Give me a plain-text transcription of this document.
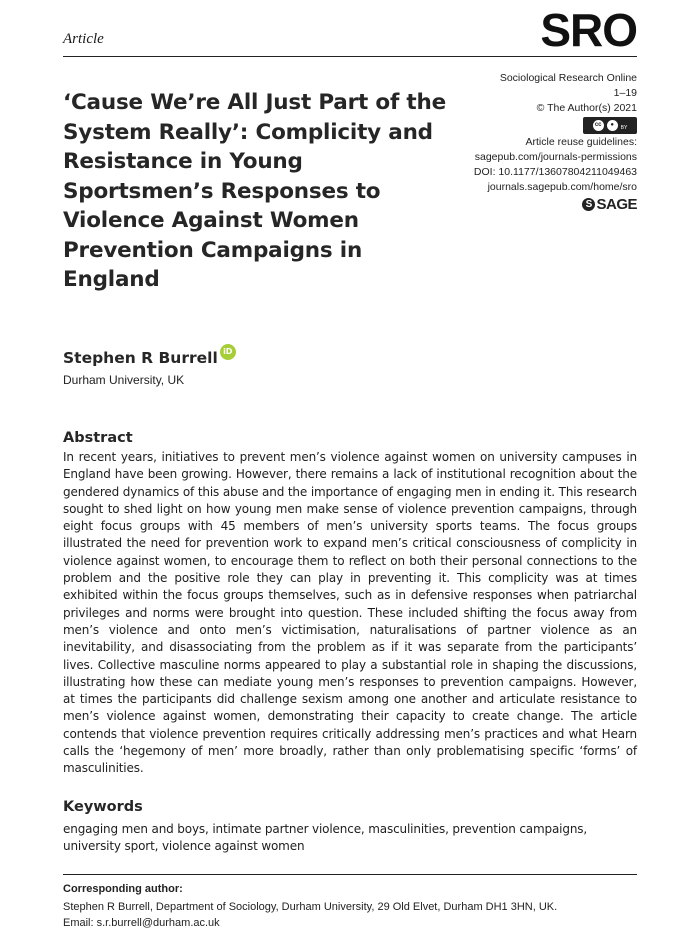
Article	SRO
Sociological Research Online
1–19
© The Author(s) 2021
cc	●	BY
Article reuse guidelines:
sagepub.com/journals-permissions
DOI: 10.1177/13607804211049463
journals.sagepub.com/home/sro
S SAGE
‘Cause We’re All Just Part of the System Really’: Complicity and Resistance in Young Sportsmen’s Responses to Violence Against Women Prevention Campaigns in England
Stephen R Burrell iD
Durham University, UK
Abstract

In recent years, initiatives to prevent men’s violence against women on university campuses in England have been growing. However, there remains a lack of institutional recognition about the gendered dynamics of this abuse and the importance of engaging men in ending it. This research sought to shed light on how young men make sense of violence prevention campaigns, through eight focus groups with 45 members of men’s university sports teams. The focus groups illustrated the need for prevention work to expand men’s critical consciousness of complicity in violence against women, to encourage them to reflect on both their personal connections to the problem and the positive role they can play in preventing it. This complicity was at times exhibited within the focus groups themselves, such as in defensive responses when patriarchal privileges and norms were brought into question. These included shifting the focus away from men’s violence and onto men’s victimisation, naturalisations of partner violence as an inevitability, and disassociating from the problem as if it was separate from the participants’ lives. Collective masculine norms appeared to play a substantial role in shaping the discussions, illustrating how these can mediate young men’s responses to prevention campaigns. However, at times the participants did challenge sexism among one another and articulate resistance to men’s violence against women, demonstrating their capacity to create change. The article contends that violence prevention requires critically addressing men’s practices and what Hearn calls the ‘hegemony of men’ more broadly, rather than only problematising specific ‘forms’ of masculinities.

Keywords

engaging men and boys, intimate partner violence, masculinities, prevention campaigns, university sport, violence against women

Corresponding author:
Stephen R Burrell, Department of Sociology, Durham University, 29 Old Elvet, Durham DH1 3HN, UK.
Email: s.r.burrell@durham.ac.uk
